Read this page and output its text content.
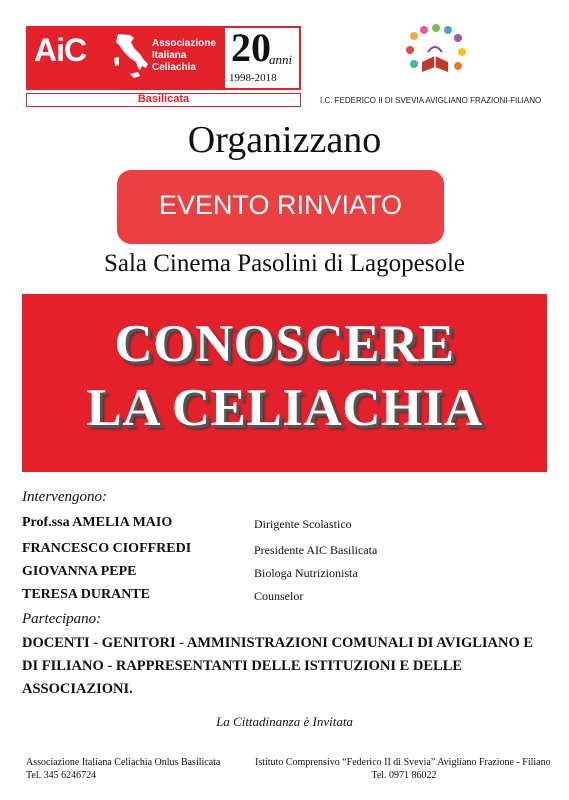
AiC	Associazione
Italiana
Celiachia 20
anni
1998-2018
Basilicata	I.C. FEDERICO II DI SVEVIA AVIGLIANO FRAZIONI-FILIANO
Organizzano
EVENTO RINVIATO
Sala Cinema Pasolini di Lagopesole
CONOSCERE
LA CELIACHIA
Intervengono:
Prof.ssa AMELIA MAIO	Dirigente Scolastico
FRANCESCO CIOFFREDI	Presidente AIC Basilicata
GIOVANNA PEPE	Biologa Nutrizionista
TERESA DURANTE	Counselor
Partecipano:
DOCENTI - GENITORI - AMMINISTRAZIONI COMUNALI DI AVIGLIANO E DI FILIANO - RAPPRESENTANTI DELLE ISTITUZIONI E DELLE ASSOCIAZIONI.
La Cittadinanza è Invitata
Associazione Italiana Celiachia Onlus Basilicata
Tel. 345 6246724
Istituto Comprensivo “Federico II di Svevia” Avigliano Frazione - Filiano
Tel. 0971 86022
